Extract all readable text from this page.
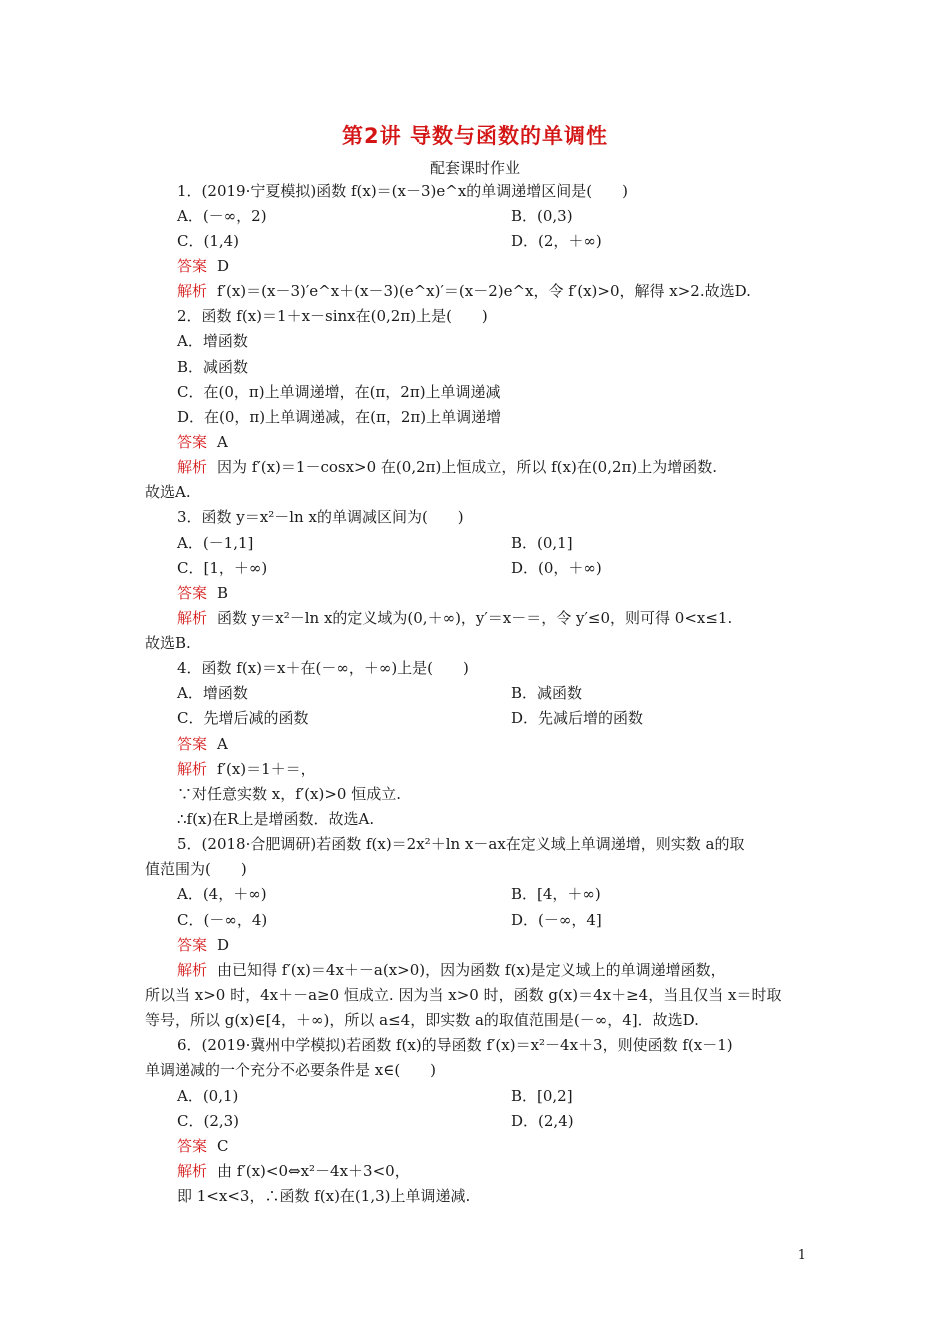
第2讲 导数与函数的单调性
配套课时作业
1．(2019·宁夏模拟)函数 f(x)＝(x－3)e^x的单调递增区间是(　　)
A．(－∞，2)	B．(0,3)
C．(1,4)	D．(2，＋∞)
答案 D
解析 f′(x)＝(x－3)′e^x＋(x－3)(e^x)′＝(x－2)e^x，令 f′(x)>0，解得 x>2.故选D.
2．函数 f(x)＝1＋x－sinx在(0,2π)上是(　　)
A．增函数
B．减函数
C．在(0，π)上单调递增，在(π，2π)上单调递减
D．在(0，π)上单调递减，在(π，2π)上单调递增
答案 A
解析 因为 f′(x)＝1－cosx>0 在(0,2π)上恒成立，所以 f(x)在(0,2π)上为增函数.
故选A.
3．函数 y＝x²－ln x的单调减区间为(　　)
A．(－1,1]	B．(0,1]
C．[1，＋∞)	D．(0，＋∞)
答案 B
解析 函数 y＝x²－ln x的定义域为(0,＋∞)，y′＝x－＝，令 y′≤0，则可得 0<x≤1.
故选B.
4．函数 f(x)＝x＋在(－∞，＋∞)上是(　　)
A．增函数	B．减函数
C．先增后减的函数	D．先减后增的函数
答案 A
解析 f′(x)＝1＋＝，
∵对任意实数 x，f′(x)>0 恒成立.
∴f(x)在R上是增函数．故选A.
5．(2018·合肥调研)若函数 f(x)＝2x²＋ln x－ax在定义域上单调递增，则实数 a的取
值范围为(　　)
A．(4，＋∞)	B．[4，＋∞)
C．(－∞，4)	D．(－∞，4]
答案 D
解析 由已知得 f′(x)＝4x＋－a(x>0)，因为函数 f(x)是定义域上的单调递增函数，
所以当 x>0 时，4x＋－a≥0 恒成立. 因为当 x>0 时，函数 g(x)＝4x＋≥4，当且仅当 x＝时取
等号，所以 g(x)∈[4，＋∞)，所以 a≤4，即实数 a的取值范围是(－∞，4]．故选D.
6．(2019·冀州中学模拟)若函数 f(x)的导函数 f′(x)＝x²－4x＋3，则使函数 f(x－1)
单调递减的一个充分不必要条件是 x∈(　　)
A．(0,1)	B．[0,2]
C．(2,3)	D．(2,4)
答案 C
解析 由 f′(x)<0⇔x²－4x＋3<0，
即 1<x<3，∴函数 f(x)在(1,3)上单调递减.
1
